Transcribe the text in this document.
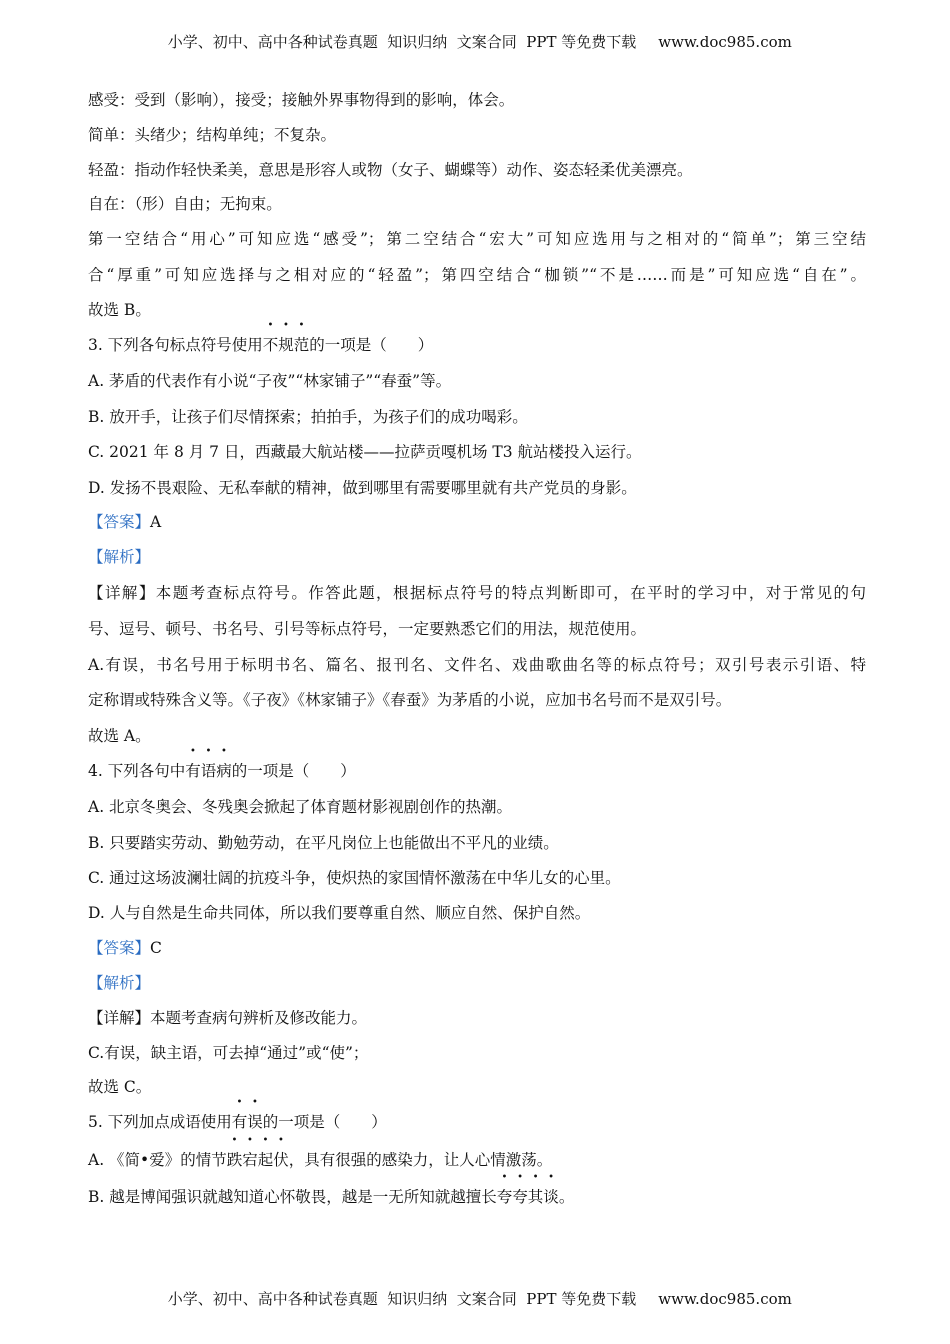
小学、初中、高中各种试卷真题  知识归纳  文案合同  PPT 等免费下载 www.doc985.com

感受：受到（影响），接受；接触外界事物得到的影响，体会。
简单：头绪少；结构单纯；不复杂。
轻盈：指动作轻快柔美，意思是形容人或物（女子、蝴蝶等）动作、姿态轻柔优美漂亮。
自在：（形）自由；无拘束。
第一空结合“用心”可知应选“感受”；第二空结合“宏大”可知应选用与之相对的“简单”；第三空结
合“厚重”可知应选择与之相对应的“轻盈”；第四空结合“枷锁”“不是……而是”可知应选“自在”。
故选 B。
3. 下列各句标点符号使用不规范的一项是（　　）
A. 茅盾的代表作有小说“子夜”“林家铺子”“春蚕”等。
B. 放开手，让孩子们尽情探索；拍拍手，为孩子们的成功喝彩。
C. 2021 年 8 月 7 日，西藏最大航站楼——拉萨贡嘎机场 T3 航站楼投入运行。
D. 发扬不畏艰险、无私奉献的精神，做到哪里有需要哪里就有共产党员的身影。
【答案】A
【解析】
【详解】本题考查标点符号。作答此题，根据标点符号的特点判断即可，在平时的学习中，对于常见的句
号、逗号、顿号、书名号、引号等标点符号，一定要熟悉它们的用法，规范使用。
A.有误，书名号用于标明书名、篇名、报刊名、文件名、戏曲歌曲名等的标点符号；双引号表示引语、特
定称谓或特殊含义等。《子夜》《林家铺子》《春蚕》为茅盾的小说，应加书名号而不是双引号。
故选 A。
4. 下列各句中有语病的一项是（　　）
A. 北京冬奥会、冬残奥会掀起了体育题材影视剧创作的热潮。
B. 只要踏实劳动、勤勉劳动，在平凡岗位上也能做出不平凡的业绩。
C. 通过这场波澜壮阔的抗疫斗争，使炽热的家国情怀激荡在中华儿女的心里。
D. 人与自然是生命共同体，所以我们要尊重自然、顺应自然、保护自然。
【答案】C
【解析】
【详解】本题考查病句辨析及修改能力。
C.有误，缺主语，可去掉“通过”或“使”；
故选 C。
5. 下列加点成语使用有误的一项是（　　）
A. 《简•爱》的情节跌宕起伏，具有很强的感染力，让人心情激荡。
B. 越是博闻强识就越知道心怀敬畏，越是一无所知就越擅长夸夸其谈。

小学、初中、高中各种试卷真题  知识归纳  文案合同  PPT 等免费下载 www.doc985.com
